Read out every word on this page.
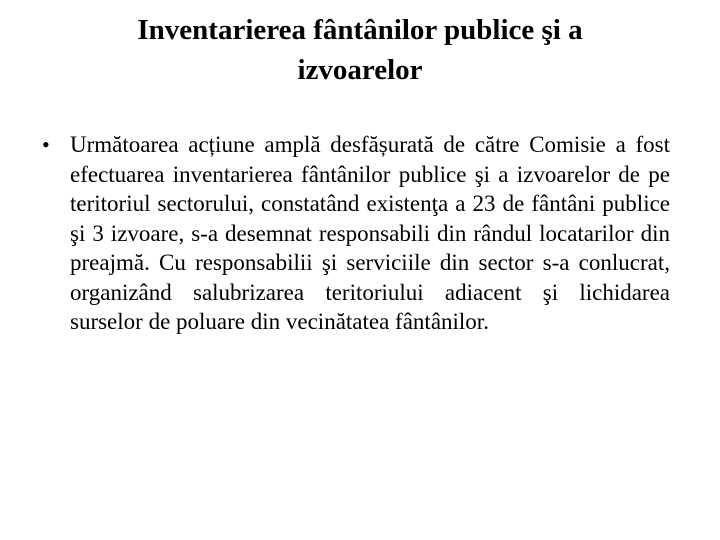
Inventarierea fântânilor publice şi a izvoarelor
• Următoarea acțiune amplă desfășurată de către Comisie a fost efectuarea inventarierea fântânilor publice şi a izvoarelor de pe teritoriul sectorului, constatând existenţa a 23 de fântâni publice şi 3 izvoare, s-a desemnat responsabili din rândul locatarilor din preajmă. Cu responsabilii şi serviciile din sector s-a conlucrat, organizând salubrizarea teritoriului adiacent şi lichidarea surselor de poluare din vecinătatea fântânilor.
